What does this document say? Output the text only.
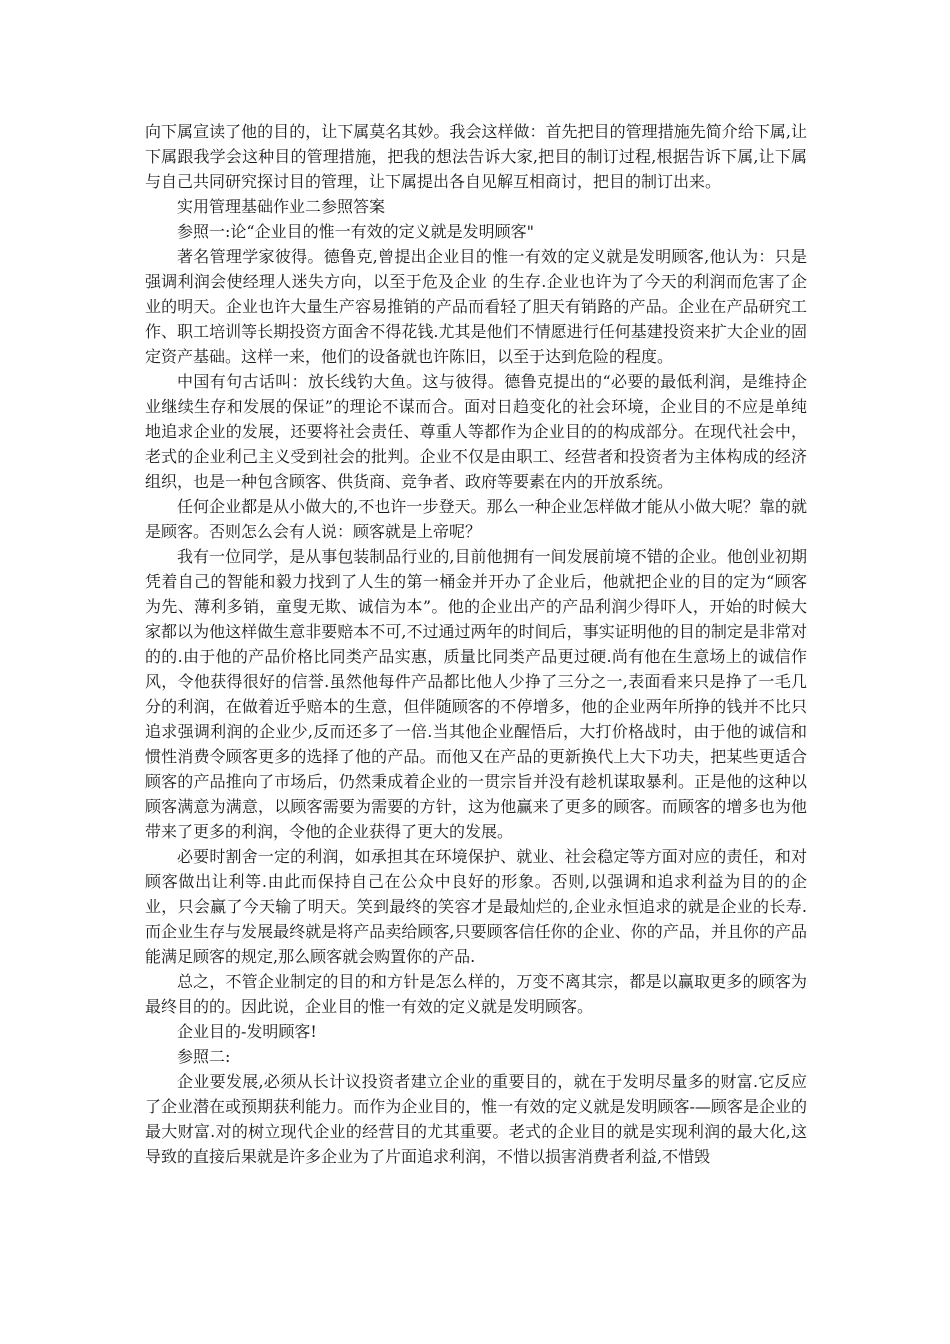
向下属宣读了他的目的，让下属莫名其妙。我会这样做：首先把目的管理措施先简介给下属,让下属跟我学会这种目的管理措施，把我的想法告诉大家,把目的制订过程,根据告诉下属,让下属与自己共同研究探讨目的管理，让下属提出各自见解互相商讨，把目的制订出来。

实用管理基础作业二参照答案

参照一:论“企业目的惟一有效的定义就是发明顾客"

著名管理学家彼得。德鲁克,曾提出企业目的惟一有效的定义就是发明顾客,他认为：只是强调利润会使经理人迷失方向，以至于危及企业 的生存.企业也许为了今天的利润而危害了企业的明天。企业也许大量生产容易推销的产品而看轻了胆天有销路的产品。企业在产品研究工作、职工培训等长期投资方面舍不得花钱.尤其是他们不情愿进行任何基建投资来扩大企业的固定资产基础。这样一来，他们的设备就也许陈旧，以至于达到危险的程度。

中国有句古话叫：放长线钓大鱼。这与彼得。德鲁克提出的“必要的最低利润，是维持企业继续生存和发展的保证”的理论不谋而合。面对日趋变化的社会环境，企业目的不应是单纯地追求企业的发展，还要将社会责任、尊重人等都作为企业目的的构成部分。在现代社会中，老式的企业利己主义受到社会的批判。企业不仅是由职工、经营者和投资者为主体构成的经济组织，也是一种包含顾客、供货商、竞争者、政府等要素在内的开放系统。

任何企业都是从小做大的,不也许一步登天。那么一种企业怎样做才能从小做大呢？靠的就是顾客。否则怎么会有人说：顾客就是上帝呢？

我有一位同学，是从事包装制品行业的,目前他拥有一间发展前境不错的企业。他创业初期凭着自己的智能和毅力找到了人生的第一桶金并开办了企业后，他就把企业的目的定为“顾客为先、薄利多销，童叟无欺、诚信为本”。他的企业出产的产品利润少得吓人，开始的时候大家都以为他这样做生意非要赔本不可,不过通过两年的时间后，事实证明他的目的制定是非常对的的.由于他的产品价格比同类产品实惠，质量比同类产品更过硬.尚有他在生意场上的诚信作风，令他获得很好的信誉.虽然他每件产品都比他人少挣了三分之一,表面看来只是挣了一毛几分的利润，在做着近乎赔本的生意，但伴随顾客的不停增多，他的企业两年所挣的钱并不比只追求强调利润的企业少,反而还多了一倍.当其他企业醒悟后，大打价格战时，由于他的诚信和惯性消费令顾客更多的选择了他的产品。而他又在产品的更新换代上大下功夫，把某些更适合顾客的产品推向了市场后，仍然秉成着企业的一贯宗旨并没有趁机谋取暴利。正是他的这种以顾客满意为满意，以顾客需要为需要的方针，这为他赢来了更多的顾客。而顾客的增多也为他带来了更多的利润，令他的企业获得了更大的发展。

必要时割舍一定的利润，如承担其在环境保护、就业、社会稳定等方面对应的责任，和对顾客做出让利等.由此而保持自己在公众中良好的形象。否则,以强调和追求利益为目的的企业，只会赢了今天输了明天。笑到最终的笑容才是最灿烂的,企业永恒追求的就是企业的长寿.而企业生存与发展最终就是将产品卖给顾客,只要顾客信任你的企业、你的产品，并且你的产品能满足顾客的规定,那么顾客就会购置你的产品.

总之，不管企业制定的目的和方针是怎么样的，万变不离其宗，都是以赢取更多的顾客为最终目的的。因此说，企业目的惟一有效的定义就是发明顾客。

企业目的-发明顾客!

参照二:

企业要发展,必须从长计议投资者建立企业的重要目的，就在于发明尽量多的财富.它反应了企业潜在或预期获利能力。而作为企业目的，惟一有效的定义就是发明顾客-—顾客是企业的最大财富.对的树立现代企业的经营目的尤其重要。老式的企业目的就是实现利润的最大化,这导致的直接后果就是许多企业为了片面追求利润，不惜以损害消费者利益,不惜毁
